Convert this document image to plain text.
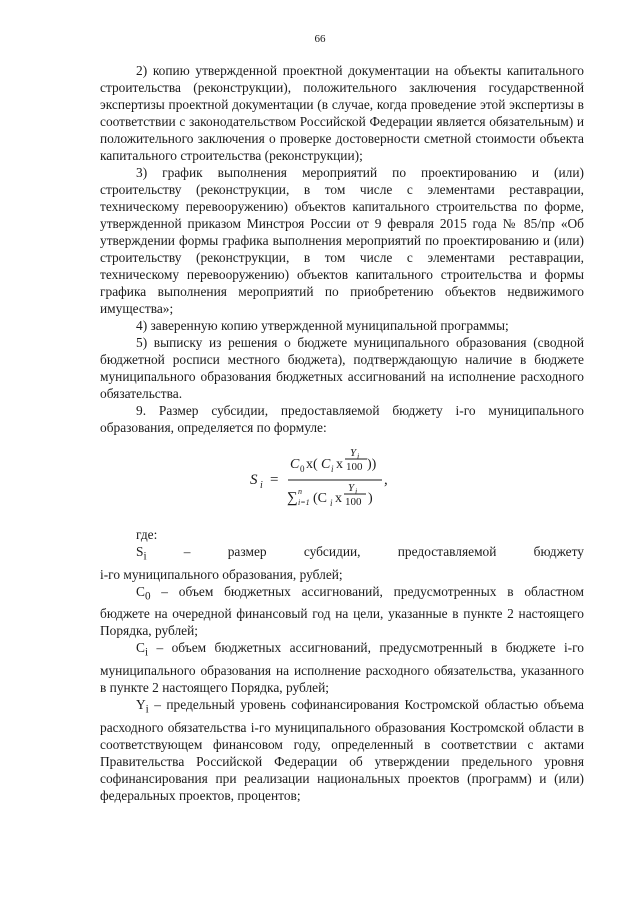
66

2) копию утвержденной проектной документации на объекты капитального строительства (реконструкции), положительного заключения государственной экспертизы проектной документации (в случае, когда проведение этой экспертизы в соответствии с законодательством Российской Федерации является обязательным) и положительного заключения о проверке достоверности сметной стоимости объекта капитального строительства (реконструкции);

3) график выполнения мероприятий по проектированию и (или) строительству (реконструкции, в том числе с элементами реставрации, техническому перевооружению) объектов капитального строительства по форме, утвержденной приказом Минстроя России от 9 февраля 2015 года № 85/пр «Об утверждении формы графика выполнения мероприятий по проектированию и (или) строительству (реконструкции, в том числе с элементами реставрации, техническому перевооружению) объектов капитального строительства и формы графика выполнения мероприятий по приобретению объектов недвижимого имущества»;

4) заверенную копию утвержденной муниципальной программы;

5) выписку из решения о бюджете муниципального образования (сводной бюджетной росписи местного бюджета), подтверждающую наличие в бюджете муниципального образования бюджетных ассигнований на исполнение расходного обязательства.

9. Размер субсидии, предоставляемой бюджету i-го муниципального образования, определяется по формуле:

S i =
C 0 x( C i x
Y i
100 ))
∑ n
i=1 (C i x
Y i
100 )
,

где:

$S_i$	–	размер	субсидии,	предоставляемой	бюджету

i-го муниципального образования, рублей;

$C_0$ – объем бюджетных ассигнований, предусмотренных в областном бюджете на очередной финансовый год на цели, указанные в пункте 2 настоящего Порядка, рублей;

$C_i$ – объем бюджетных ассигнований, предусмотренный в бюджете i-го муниципального образования на исполнение расходного обязательства, указанного в пункте 2 настоящего Порядка, рублей;

$Y_i$ – предельный уровень софинансирования Костромской областью объема расходного обязательства i-го муниципального образования Костромской области в соответствующем финансовом году, определенный в соответствии с актами Правительства Российской Федерации об утверждении предельного уровня софинансирования при реализации национальных проектов (программ) и (или) федеральных проектов, процентов;
